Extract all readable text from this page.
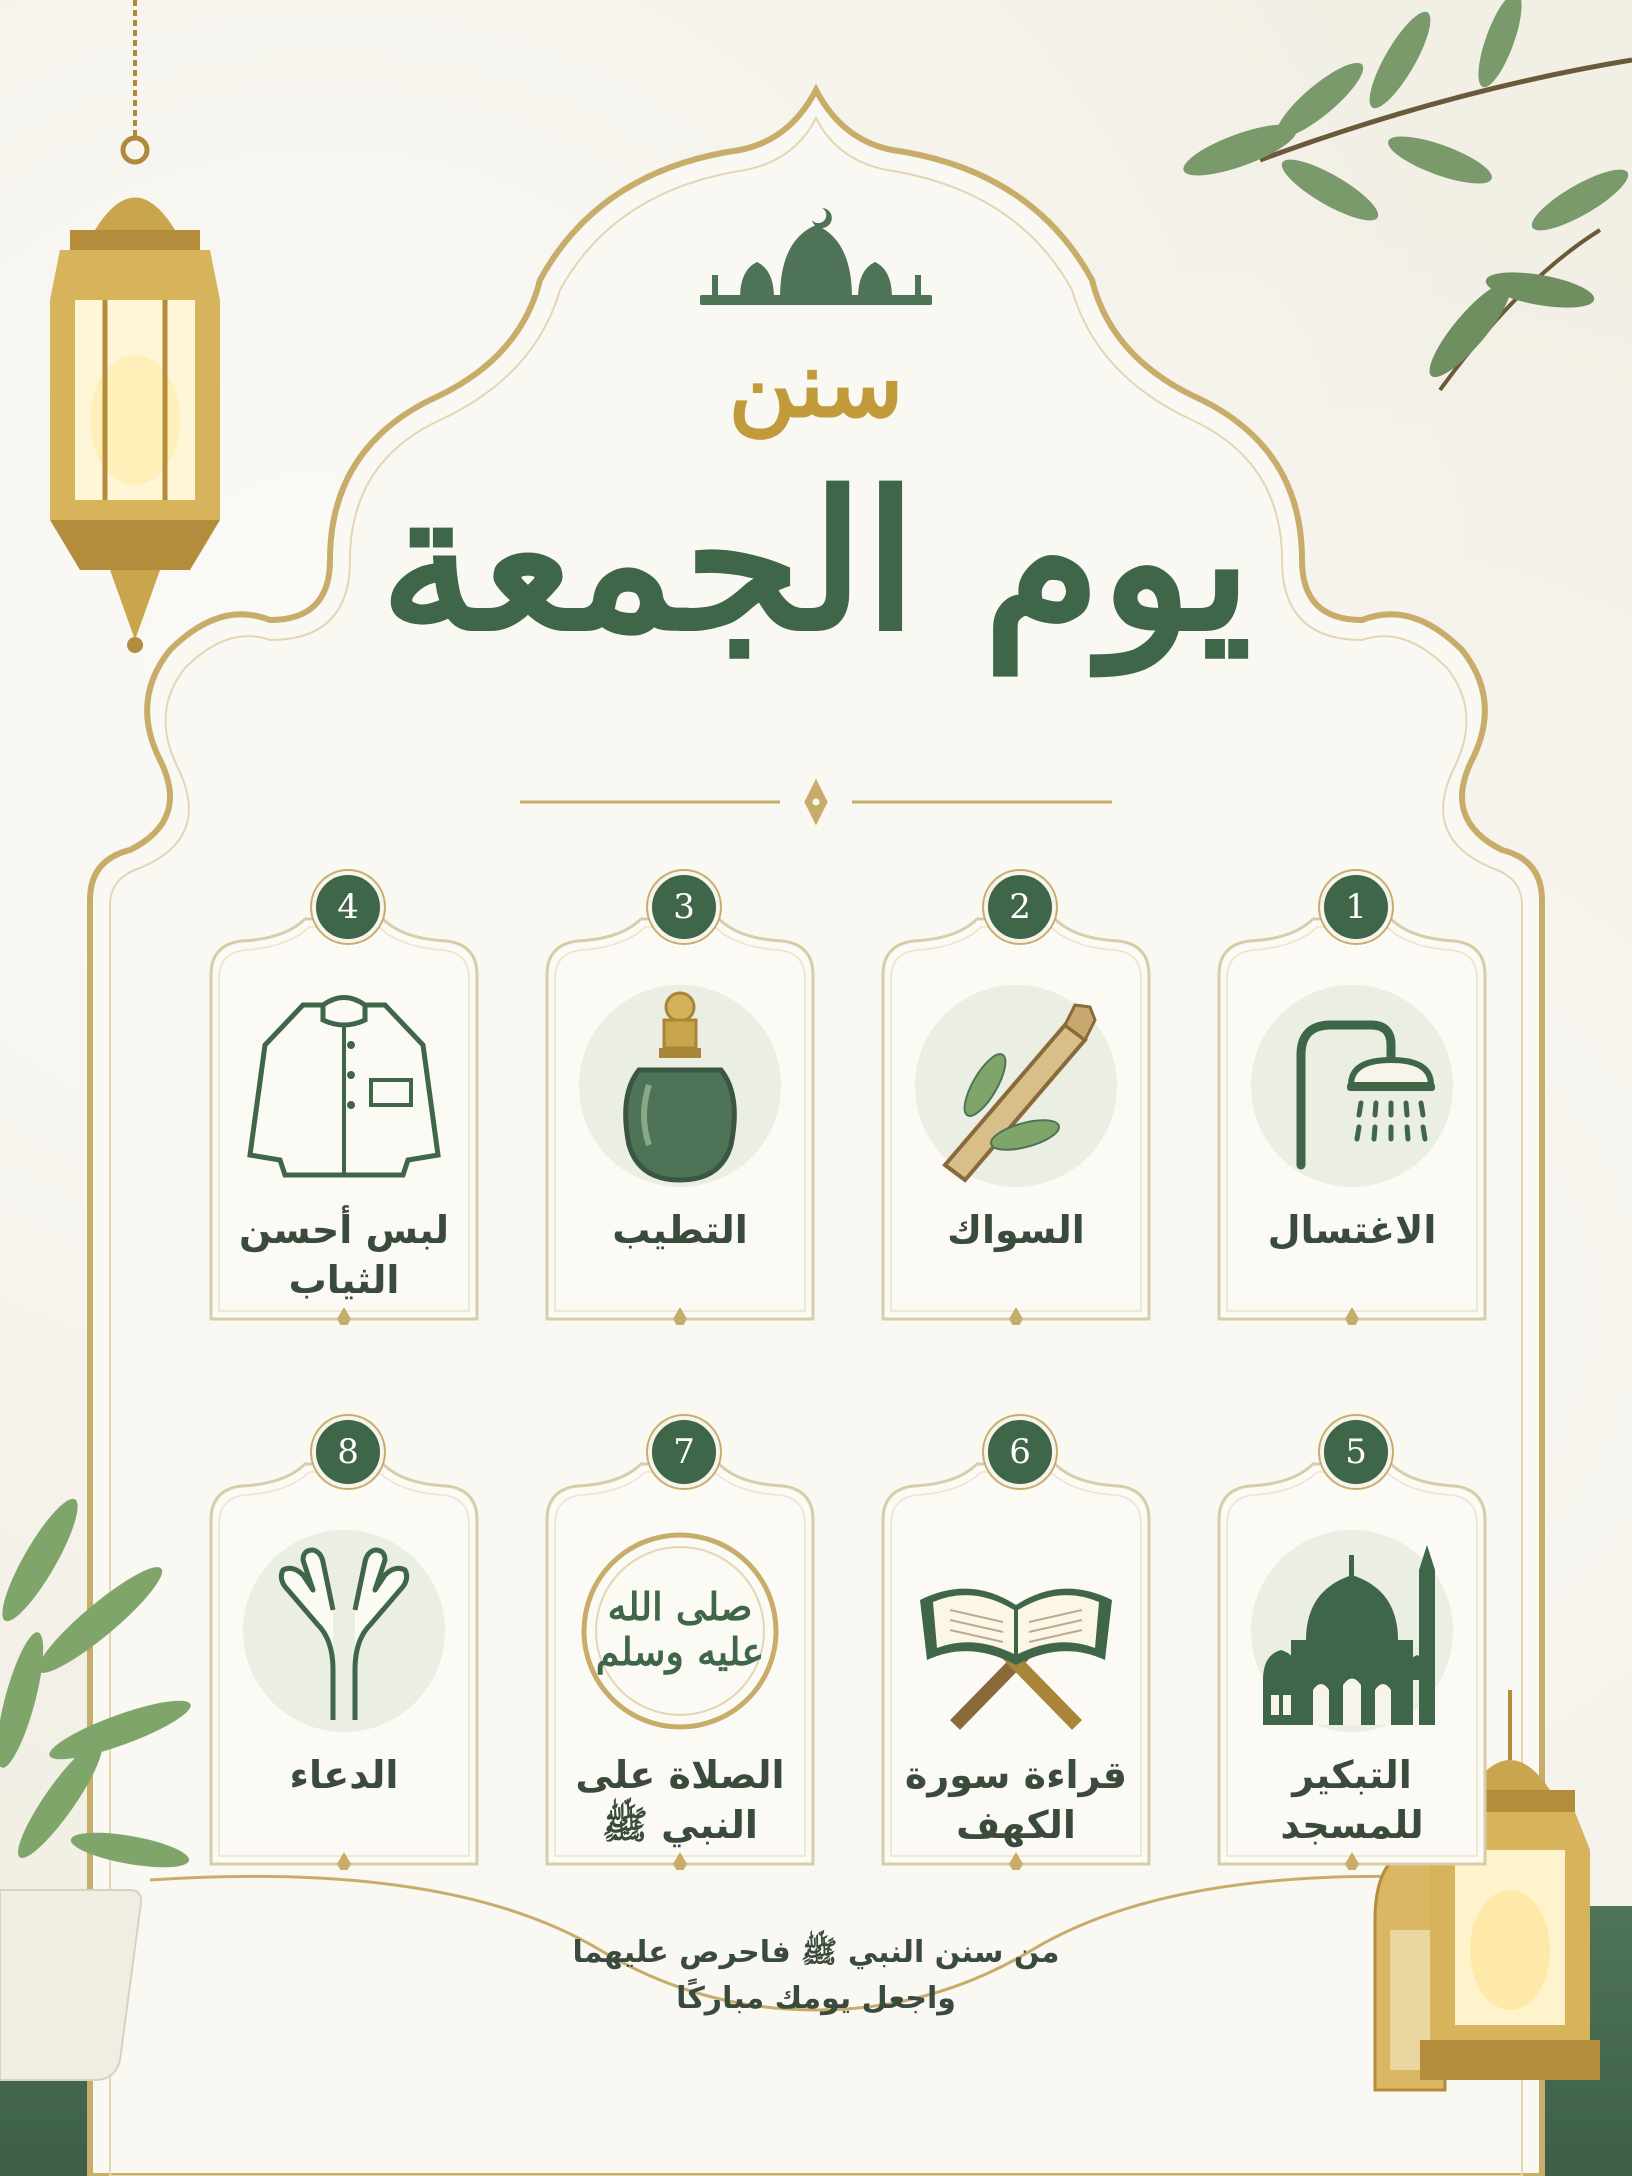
سنن
يوم الجمعة
1
الاغتسال
2
السواك
3
التطيب
4
لبس أحسن الثياب
5
التبكير للمسجد
6
قراءة سورة الكهف
7
صلى الله
عليه وسلم
الصلاة على النبي ﷺ
8
الدعاء
من سنن النبي ﷺ فاحرص عليهما
واجعل يومك مباركًا
